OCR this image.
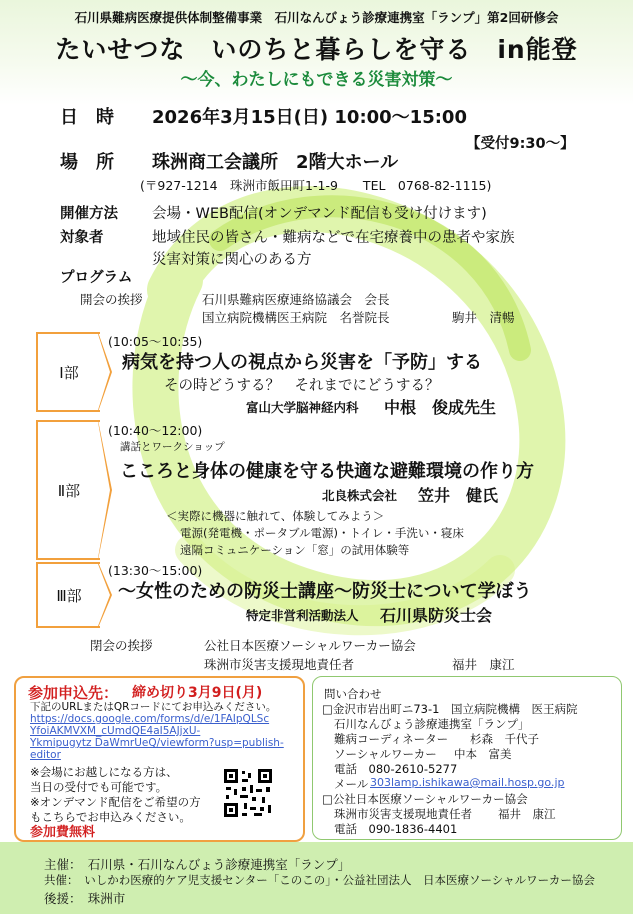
石川県難病医療提供体制整備事業　石川なんびょう診療連携室「ランプ」第2回研修会
たいせつな　いのちと暮らしを守る　in能登
～今、わたしにもできる災害対策～
日　時 2026年3月15日(日) 10:00～15:00
【受付9:30～】
場　所 珠洲商工会議所　2階大ホール
(〒927-1214　珠洲市飯田町1-1-9　　TEL　0768-82-1115)
開催方法 会場・WEB配信(オンデマンド配信も受け付けます)
対象者	地域住民の皆さん・難病などで在宅療養中の患者や家族
災害対策に関心のある方
プログラム
開会の挨拶	石川県難病医療連絡協議会　会長
国立病院機構医王病院　名誉院長	駒井　清暢
Ⅰ部
(10:05～10:35)
病気を持つ人の視点から災害を「予防」する
その時どうする？　それまでにどうする？
富山大学脳神経内科 中根　俊成先生
Ⅱ部
(10:40～12:00)
講話とワークショップ
こころと身体の健康を守る快適な避難環境の作り方
北良株式会社 笠井　健氏
＜実際に機器に触れて、体験してみよう＞
電源(発電機・ポータブル電源)・トイレ・手洗い・寝床
遠隔コミュニケーション「窓」の試用体験等
Ⅲ部
(13:30～15:00)
～女性のための防災士講座～防災士について学ぼう
特定非営利活動法人 石川県防災士会
閉会の挨拶	公社日本医療ソーシャルワーカー協会
珠洲市災害支援現地責任者	福井　康江
参加申込先： 締め切り3月9日(月)
下記のURLまたはQRコードにてお申込みください。
https://docs.google.com/forms/d/e/1FAIpQLSc
YfoiAKMVXM_cUmdQE4aI5AJjxU-
Ykmipugytz DaWmrUeQ/viewform?usp=publish-
editor
※会場にお越しになる方は、
当日の受付でも可能です。
※オンデマンド配信をご希望の方
もこちらでお申込みください。
参加費無料
問い合わせ
□金沢市岩出町ニ73-1　国立病院機構　医王病院
石川なんびょう診療連携室「ランプ」
難病コーディネーター 杉森　千代子
ソーシャルワーカー 中本　富美
電話　080-2610-5277
メール 303lamp.ishikawa@mail.hosp.go.jp
□公社日本医療ソーシャルワーカー協会
珠洲市災害支援現地責任者 福井　康江
電話　090-1836-4401
主催：　石川県・石川なんびょう診療連携室「ランプ」
共催：　いしかわ医療的ケア児支援センター「このこの」・公益社団法人　日本医療ソーシャルワーカー協会
後援：　珠洲市
